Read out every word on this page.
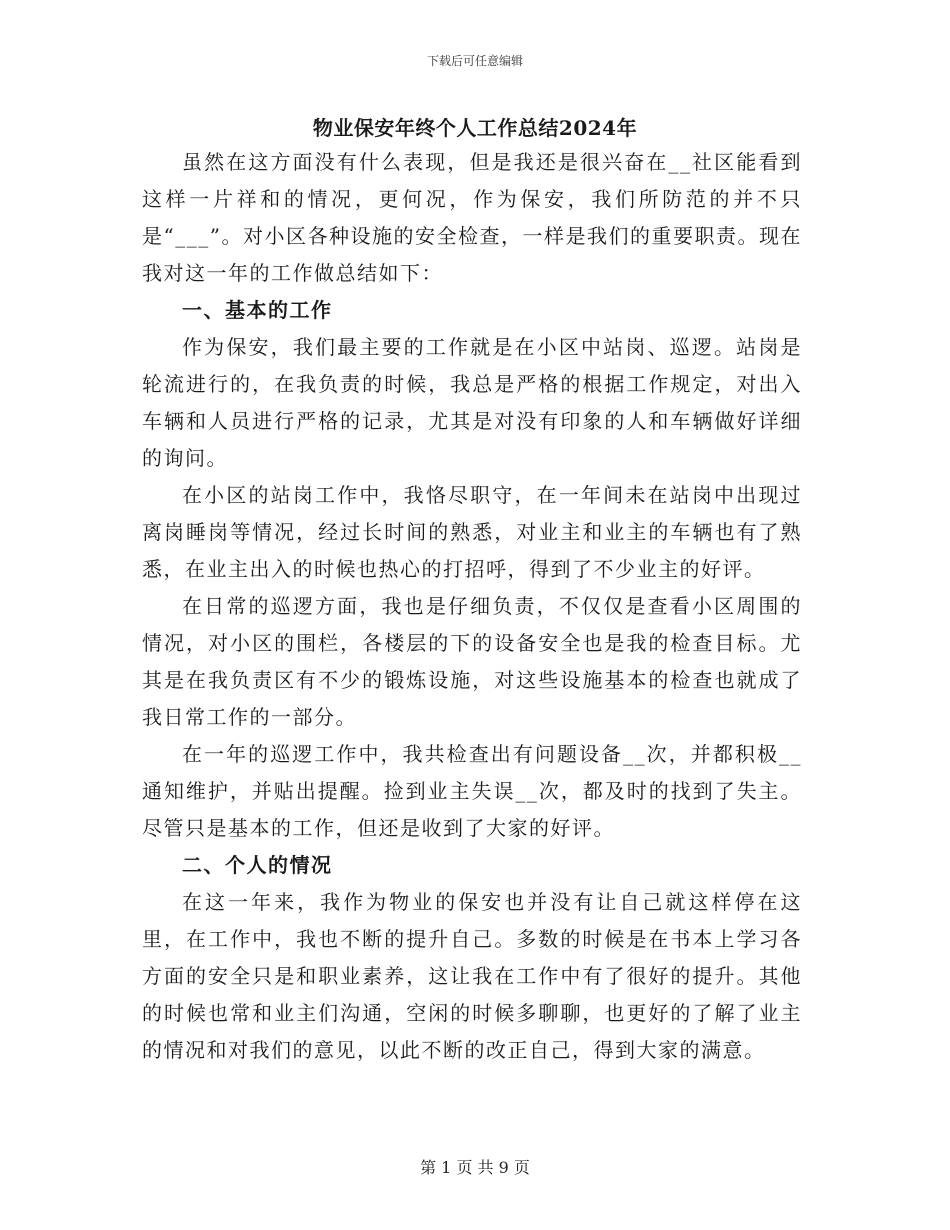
下载后可任意编辑
物业保安年终个人工作总结2024年

虽然在这方面没有什么表现，但是我还是很兴奋在__社区能看到这样一片祥和的情况，更何况，作为保安，我们所防范的并不只是“___”。对小区各种设施的安全检查，一样是我们的重要职责。现在我对这一年的工作做总结如下：

一、基本的工作

作为保安，我们最主要的工作就是在小区中站岗、巡逻。站岗是轮流进行的，在我负责的时候，我总是严格的根据工作规定，对出入车辆和人员进行严格的记录，尤其是对没有印象的人和车辆做好详细的询问。

在小区的站岗工作中，我恪尽职守，在一年间未在站岗中出现过离岗睡岗等情况，经过长时间的熟悉，对业主和业主的车辆也有了熟悉，在业主出入的时候也热心的打招呼，得到了不少业主的好评。

在日常的巡逻方面，我也是仔细负责，不仅仅是查看小区周围的情况，对小区的围栏，各楼层的下的设备安全也是我的检查目标。尤其是在我负责区有不少的锻炼设施，对这些设施基本的检查也就成了我日常工作的一部分。

在一年的巡逻工作中，我共检查出有问题设备__次，并都积极__通知维护，并贴出提醒。捡到业主失误__次，都及时的找到了失主。尽管只是基本的工作，但还是收到了大家的好评。

二、个人的情况

在这一年来，我作为物业的保安也并没有让自己就这样停在这里，在工作中，我也不断的提升自己。多数的时候是在书本上学习各方面的安全只是和职业素养，这让我在工作中有了很好的提升。其他的时候也常和业主们沟通，空闲的时候多聊聊，也更好的了解了业主的情况和对我们的意见，以此不断的改正自己，得到大家的满意。

第 1 页 共 9 页
